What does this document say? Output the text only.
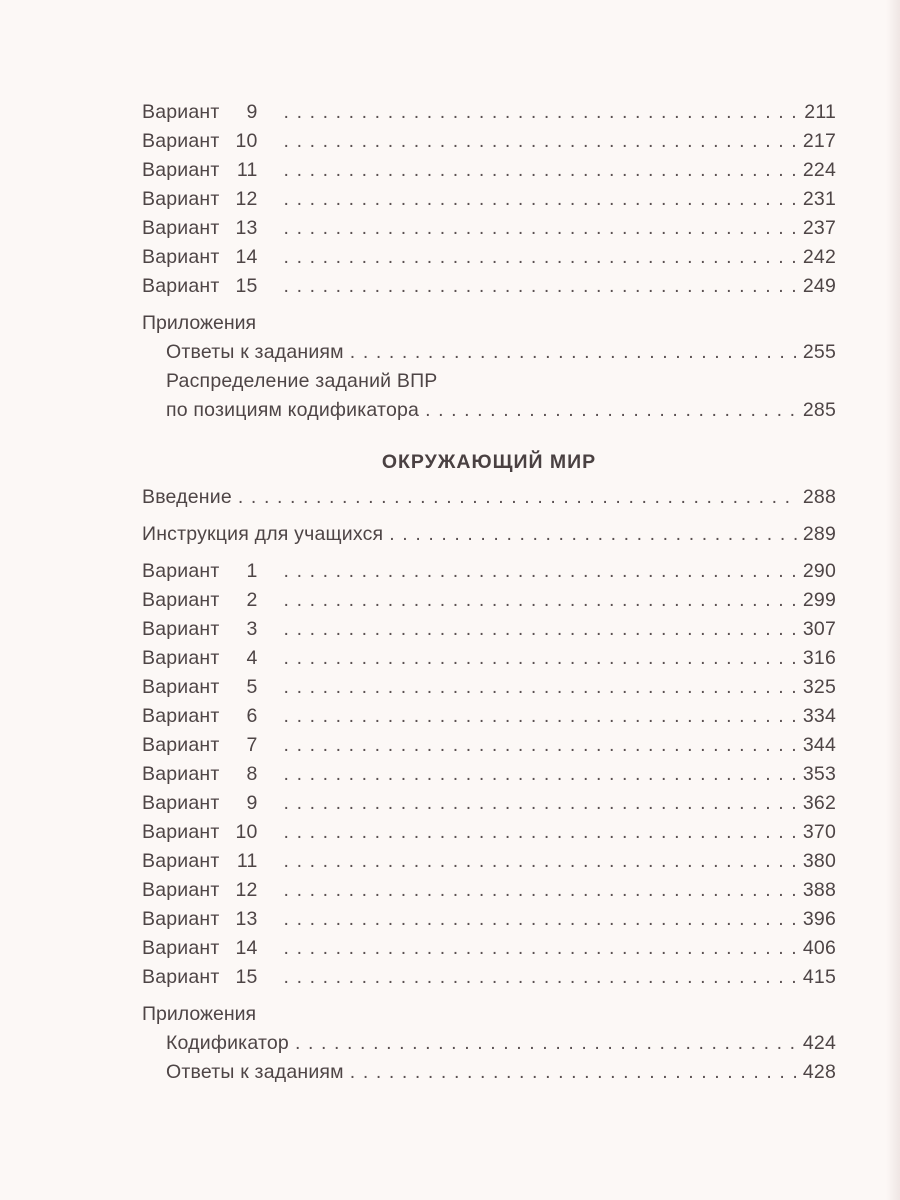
Вариант	9 .....	211
Вариант 10 .....	217
Вариант 11 .....	224
Вариант 12 .....	231
Вариант 13 .....	237
Вариант 14 .....	242
Вариант 15 .....	249
Приложения
Ответы к заданиям .....	255
Распределение заданий ВПР
по позициям кодификатора .....	285
ОКРУЖАЮЩИЙ МИР
Введение .....	288
Инструкция для учащихся .....	289
Вариант	1 .....	290
Вариант	2 .....	299
Вариант	3 .....	307
Вариант	4 .....	316
Вариант	5 .....	325
Вариант	6 .....	334
Вариант	7 .....	344
Вариант	8 .....	353
Вариант	9 .....	362
Вариант 10 .....	370
Вариант 11 .....	380
Вариант 12 .....	388
Вариант 13 .....	396
Вариант 14 .....	406
Вариант 15 .....	415
Приложения
Кодификатор .....	424
Ответы к заданиям .....	428
